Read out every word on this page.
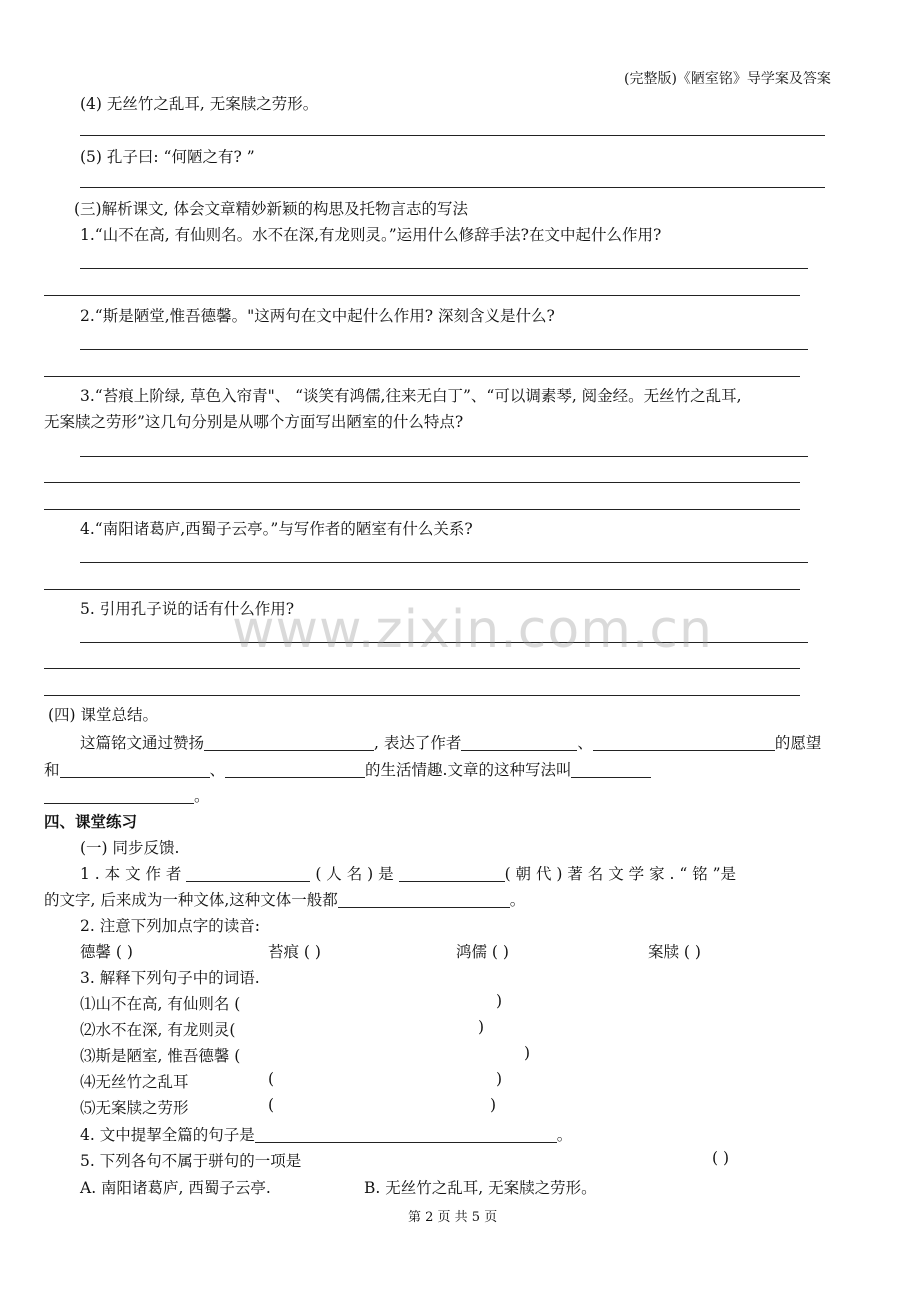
(完整版)《陋室铭》导学案及答案
(4) 无丝竹之乱耳, 无案牍之劳形。
(5) 孔子曰: “何陋之有? ”
(三)解析课文, 体会文章精妙新颖的构思及托物言志的写法
1.“山不在高, 有仙则名。水不在深,有龙则灵。”运用什么修辞手法?在文中起什么作用?
2.“斯是陋堂,惟吾德馨。"这两句在文中起什么作用? 深刻含义是什么?
3.“苔痕上阶绿, 草色入帘青"、 “谈笑有鸿儒,往来无白丁”、“可以调素琴, 阅金经。无丝竹之乱耳,
无案牍之劳形”这几句分别是从哪个方面写出陋室的什么特点?
4.“南阳诸葛庐,西蜀子云亭。”与写作者的陋室有什么关系?
5. 引用孔子说的话有什么作用?
www.zixin.com.cn
(四) 课堂总结。
这篇铭文通过赞扬	, 表达了作者	、	的愿望
和	、	的生活情趣.文章的这种写法叫
。
四、课堂练习
(一) 同步反馈.
1 . 本 文 作 者	( 人 名 ) 是	( 朝 代 ) 著 名 文 学 家 . “ 铭 ”是
的文字, 后来成为一种文体,这种文体一般都	。
2. 注意下列加点字的读音:
德馨 ( )	苔痕 ( )	鸿儒 ( )	案牍 ( )
3. 解释下列句子中的词语.
⑴山不在高, 有仙则名 (	)
⑵水不在深, 有龙则灵(	)
⑶斯是陋室, 惟吾德馨 (	)
⑷无丝竹之乱耳	(	)
⑸无案牍之劳形	(	)
4. 文中提挈全篇的句子是	。
5. 下列各句不属于骈句的一项是	( )
A. 南阳诸葛庐, 西蜀子云亭.	B. 无丝竹之乱耳, 无案牍之劳形。
第 2 页 共 5 页
